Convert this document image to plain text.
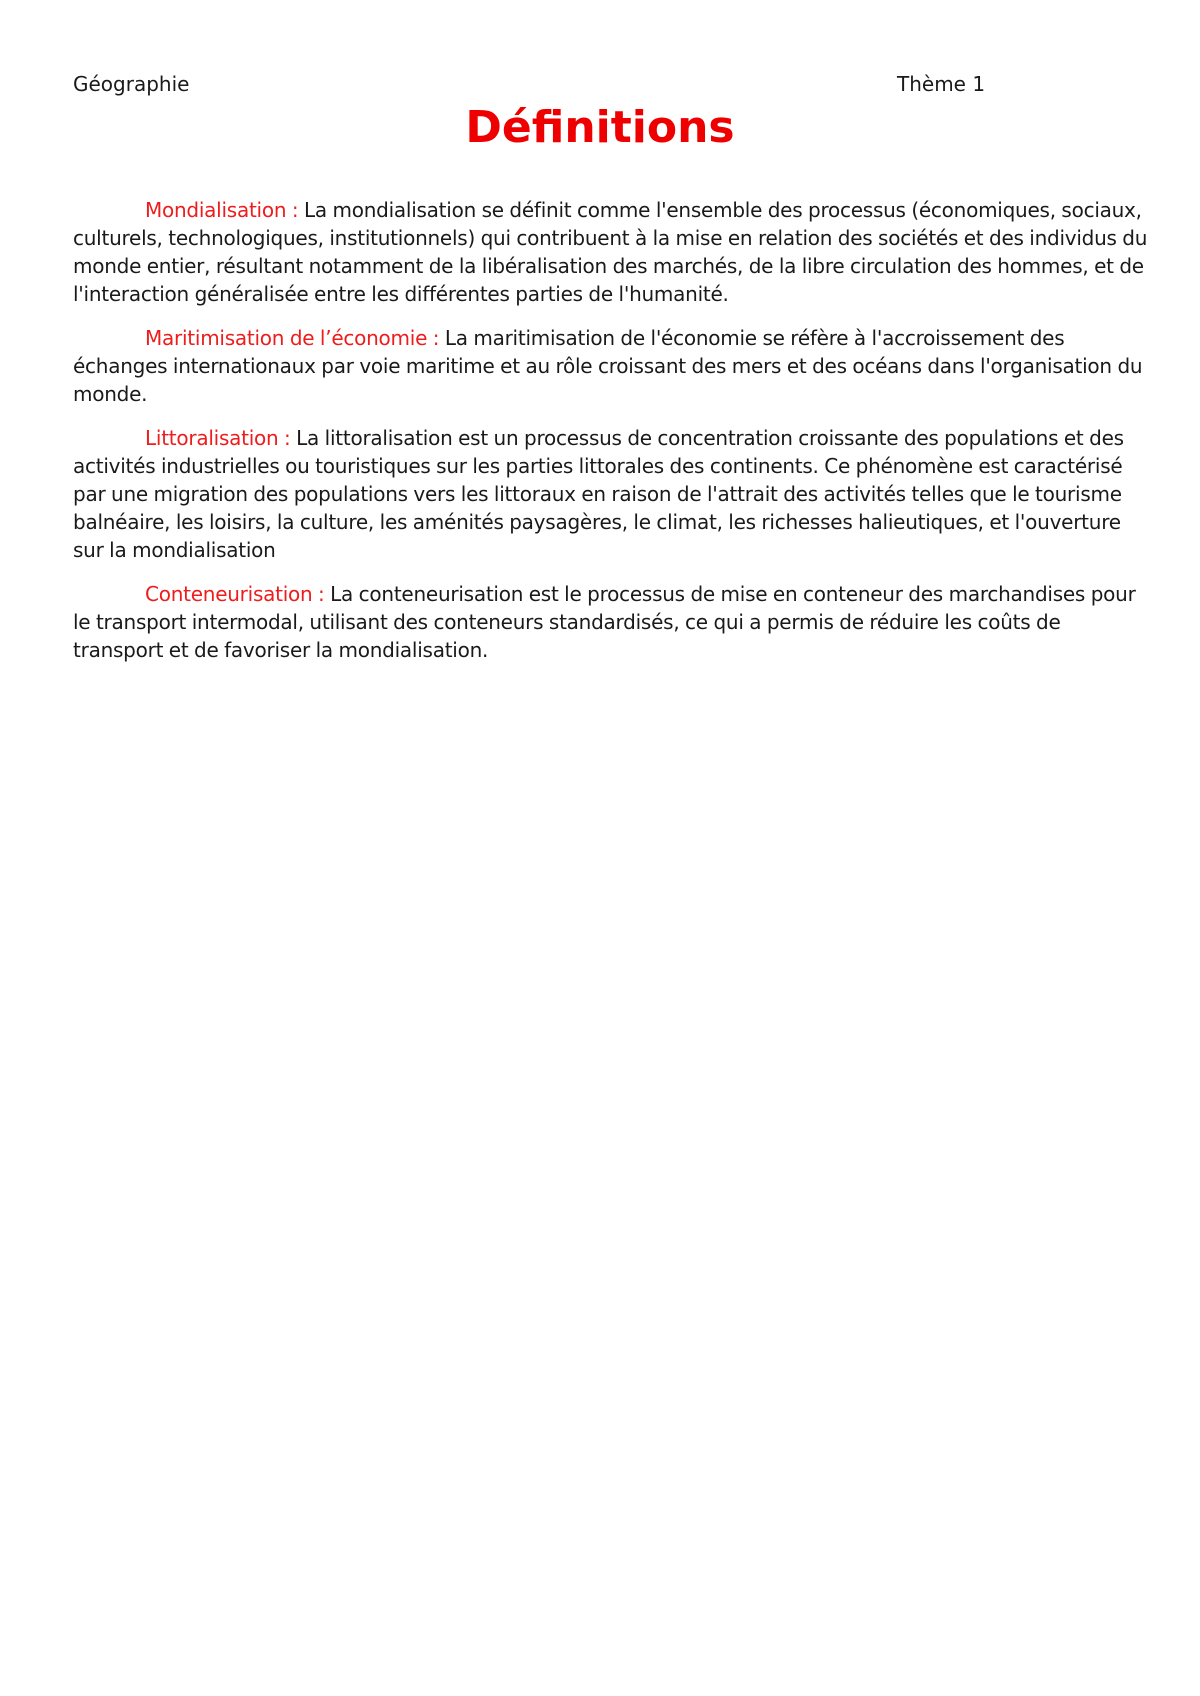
Géographie	Thème 1
Définitions

Mondialisation : La mondialisation se définit comme l'ensemble des processus (économiques, sociaux, culturels, technologiques, institutionnels) qui contribuent à la mise en relation des sociétés et des individus du monde entier, résultant notamment de la libéralisation des marchés, de la libre circulation des hommes, et de l'interaction généralisée entre les différentes parties de l'humanité.

Maritimisation de l’économie : La maritimisation de l'économie se réfère à l'accroissement des échanges internationaux par voie maritime et au rôle croissant des mers et des océans dans l'organisation du monde.

Littoralisation : La littoralisation est un processus de concentration croissante des populations et des activités industrielles ou touristiques sur les parties littorales des continents. Ce phénomène est caractérisé par une migration des populations vers les littoraux en raison de l'attrait des activités telles que le tourisme balnéaire, les loisirs, la culture, les aménités paysagères, le climat, les richesses halieutiques, et l'ouverture sur la mondialisation

Conteneurisation : La conteneurisation est le processus de mise en conteneur des marchandises pour le transport intermodal, utilisant des conteneurs standardisés, ce qui a permis de réduire les coûts de transport et de favoriser la mondialisation.
